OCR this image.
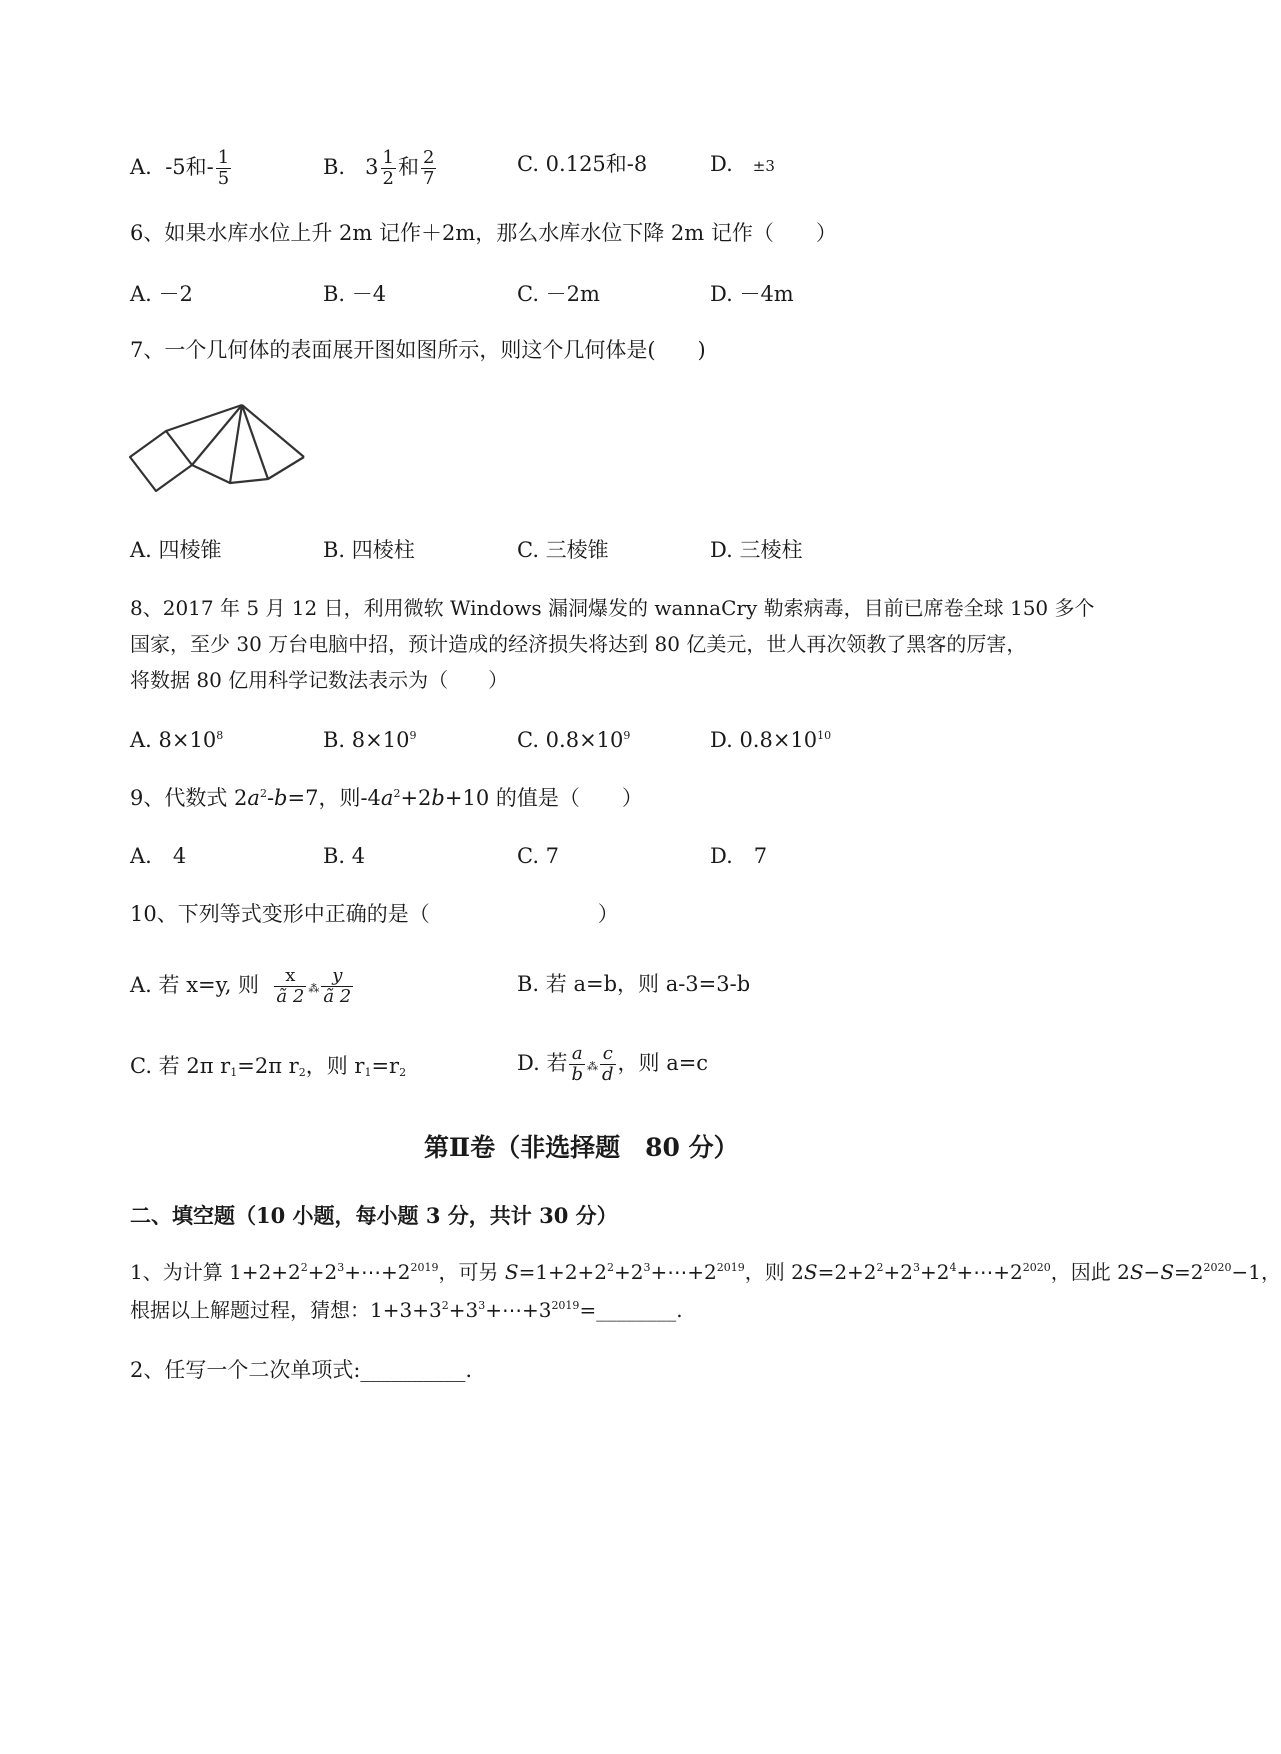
A. -5和- $\frac{1}{5}$	B. $3 \frac{1}{2}$ 和 $\frac{2}{7}$	C. 0.125和-8	D. ±3
6、如果水库水位上升 2m 记作＋2m，那么水库水位下降 2m 记作（　　）
A. －2	B. －4	C. －2m	D. －4m
7、一个几何体的表面展开图如图所示，则这个几何体是(　　)
A. 四棱锥	B. 四棱柱	C. 三棱锥	D. 三棱柱
8、2017 年 5 月 12 日，利用微软 Windows 漏洞爆发的 wannaCry 勒索病毒，目前已席卷全球 150 多个
国家，至少 30 万台电脑中招，预计造成的经济损失将达到 80 亿美元，世人再次领教了黑客的厉害，
将数据 80 亿用科学记数法表示为（　　）
A. $8\times 10^8$	B. $8\times 10^9$	C. $0.8\times 10^9$	D. $0.8\times 10^{10}$
9、代数式 $2a^2-b=7$，则$-4a^2+2b+10$ 的值是（　　）
A.　4	B. 4	C. 7	D.　7
10、下列等式变形中正确的是（　　　　　　　　）
A. 若 x=y, 则 $\frac{x}{ã 2}$ ⁂ $\frac{y}{ã 2}$	B. 若 a=b，则 a-3=3-b
C. 若 2π $r_1=2\pi$ $r_2$，则 $r_1=r_2$	D. 若 $\frac{a}{b}$ ⁂ $\frac{c}{d}$ ，则 a=c
第Ⅱ卷（非选择题　80 分）
二、填空题（10 小题，每小题 3 分，共计 30 分）
1、为计算 $1+2+2^2+2^3+\cdots+2^{2019}$，可另 $S=1+2+2^2+2^3+\cdots+2^{2019}$，则 $2S=2+2^2+2^3+2^4+\cdots+2^{2020}$，因此 $2S-S=2^{2020}-1$，
根据以上解题过程，猜想：$1+3+3^2+3^3+\cdots+3^{2019}=\_\_\_\_\_\_\_\_$.
2、任写一个二次单项式:__________.
